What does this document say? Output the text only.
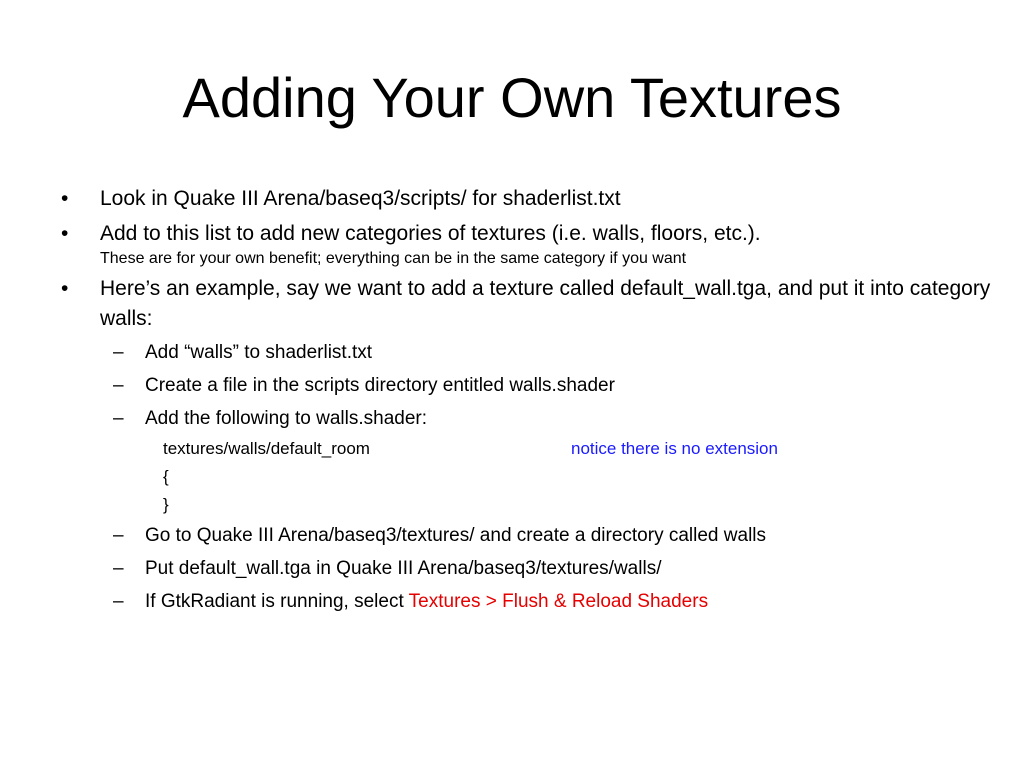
Adding Your Own Textures
• Look in Quake III Arena/baseq3/scripts/ for shaderlist.txt
• Add to this list to add new categories of textures (i.e. walls, floors, etc.).
These are for your own benefit; everything can be in the same category if you want
• Here’s an example, say we want to add a texture called default_wall.tga, and put it into category walls:
– Add “walls” to shaderlist.txt
– Create a file in the scripts directory entitled walls.shader
– Add the following to walls.shader:
textures/walls/default_room	notice there is no extension
{
}
– Go to Quake III Arena/baseq3/textures/ and create a directory called walls
– Put default_wall.tga in Quake III Arena/baseq3/textures/walls/
– If GtkRadiant is running, select Textures > Flush & Reload Shaders
